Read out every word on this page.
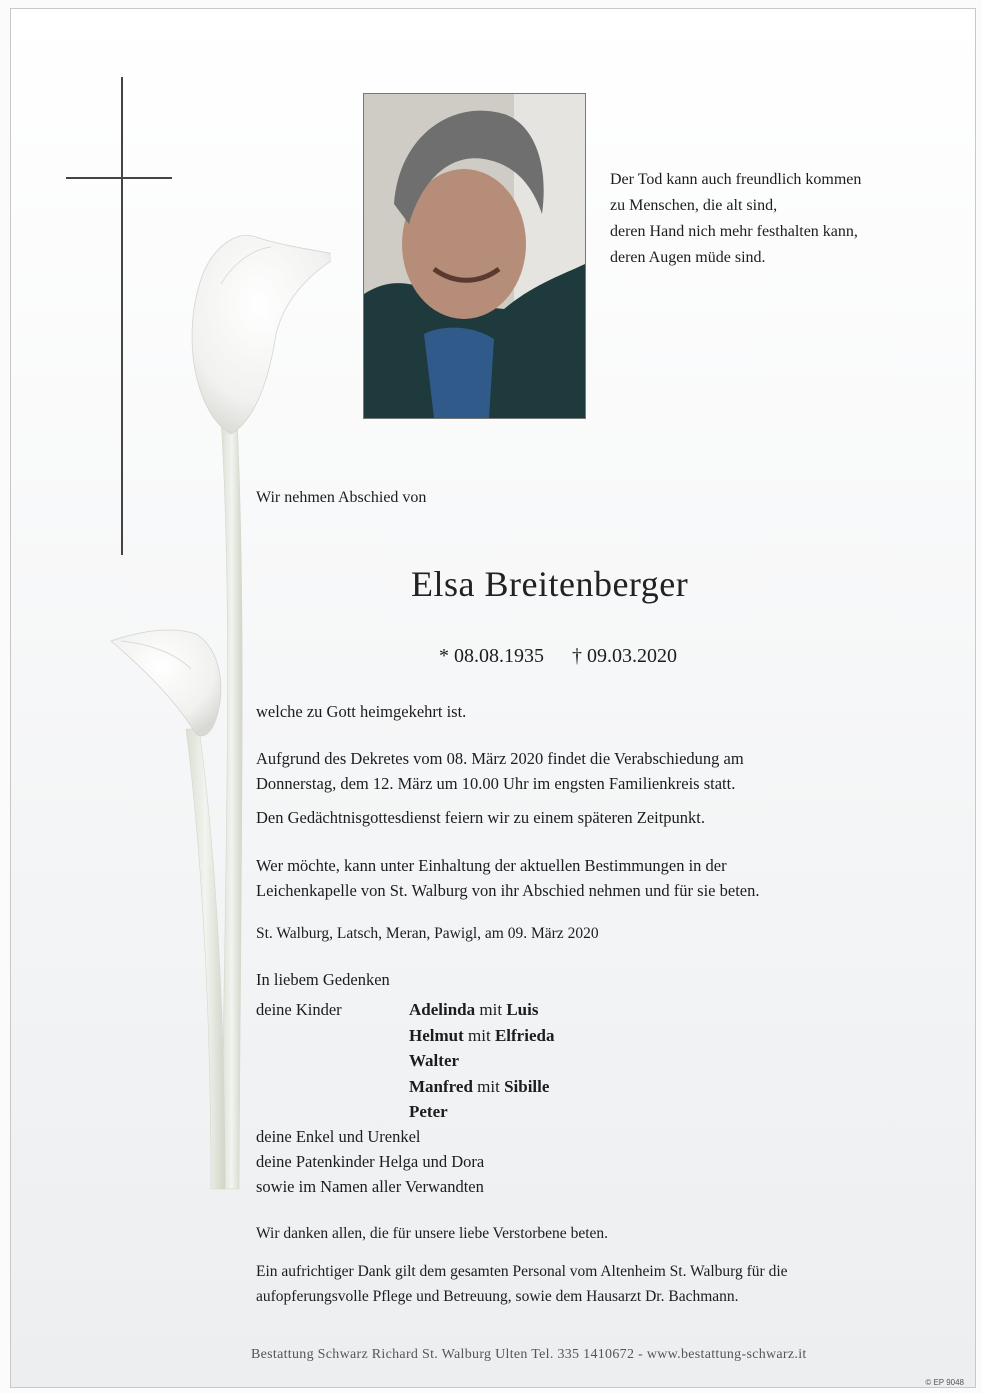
Der Tod kann auch freundlich kommen
zu Menschen, die alt sind,
deren Hand nich mehr festhalten kann,
deren Augen müde sind.
Wir nehmen Abschied von
Elsa Breitenberger
* 08.08.1935 † 09.03.2020
welche zu Gott heimgekehrt ist.
Aufgrund des Dekretes vom 08. März 2020 findet die Verabschiedung am
Donnerstag, dem 12. März um 10.00 Uhr im engsten Familienkreis statt.
Den Gedächtnisgottesdienst feiern wir zu einem späteren Zeitpunkt.
Wer möchte, kann unter Einhaltung der aktuellen Bestimmungen in der
Leichenkapelle von St. Walburg von ihr Abschied nehmen und für sie beten.
St. Walburg, Latsch, Meran, Pawigl, am 09. März 2020
In liebem Gedenken
deine Kinder	Adelinda mit Luis
Helmut mit Elfrieda
Walter
Manfred mit Sibille
Peter
deine Enkel und Urenkel
deine Patenkinder Helga und Dora
sowie im Namen aller Verwandten
Wir danken allen, die für unsere liebe Verstorbene beten.
Ein aufrichtiger Dank gilt dem gesamten Personal vom Altenheim St. Walburg für die
aufopferungsvolle Pflege und Betreuung, sowie dem Hausarzt Dr. Bachmann.
Bestattung Schwarz Richard St. Walburg Ulten Tel. 335 1410672 - www.bestattung-schwarz.it
© EP 9048
